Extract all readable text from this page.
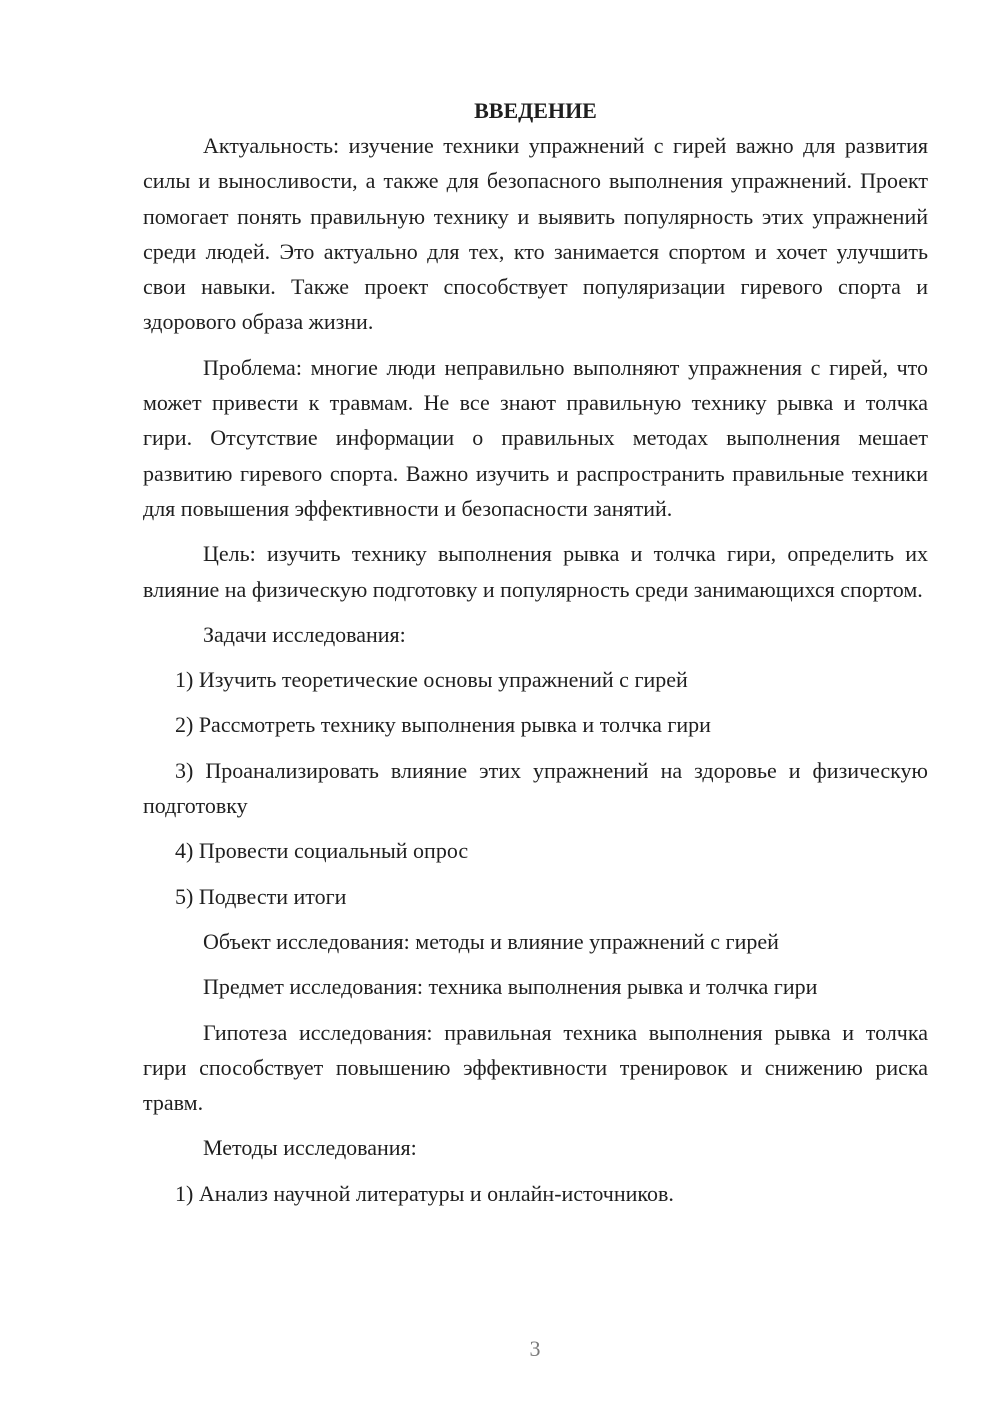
ВВЕДЕНИЕ

Актуальность: изучение техники упражнений с гирей важно для развития силы и выносливости, а также для безопасного выполнения упражнений. Проект помогает понять правильную технику и выявить популярность этих упражнений среди людей. Это актуально для тех, кто занимается спортом и хочет улучшить свои навыки. Также проект способствует популяризации гиревого спорта и здорового образа жизни.

Проблема: многие люди неправильно выполняют упражнения с гирей, что может привести к травмам. Не все знают правильную технику рывка и толчка гири. Отсутствие информации о правильных методах выполнения мешает развитию гиревого спорта. Важно изучить и распространить правильные техники для повышения эффективности и безопасности занятий.

Цель: изучить технику выполнения рывка и толчка гири, определить их влияние на физическую подготовку и популярность среди занимающихся спортом.

Задачи исследования:

1) Изучить теоретические основы упражнений с гирей

2) Рассмотреть технику выполнения рывка и толчка гири

3) Проанализировать влияние этих упражнений на здоровье и физическую подготовку

4) Провести социальный опрос

5) Подвести итоги

Объект исследования: методы и влияние упражнений с гирей

Предмет исследования: техника выполнения рывка и толчка гири

Гипотеза исследования: правильная техника выполнения рывка и толчка гири способствует повышению эффективности тренировок и снижению риска травм.

Методы исследования:

1) Анализ научной литературы и онлайн-источников.

3
